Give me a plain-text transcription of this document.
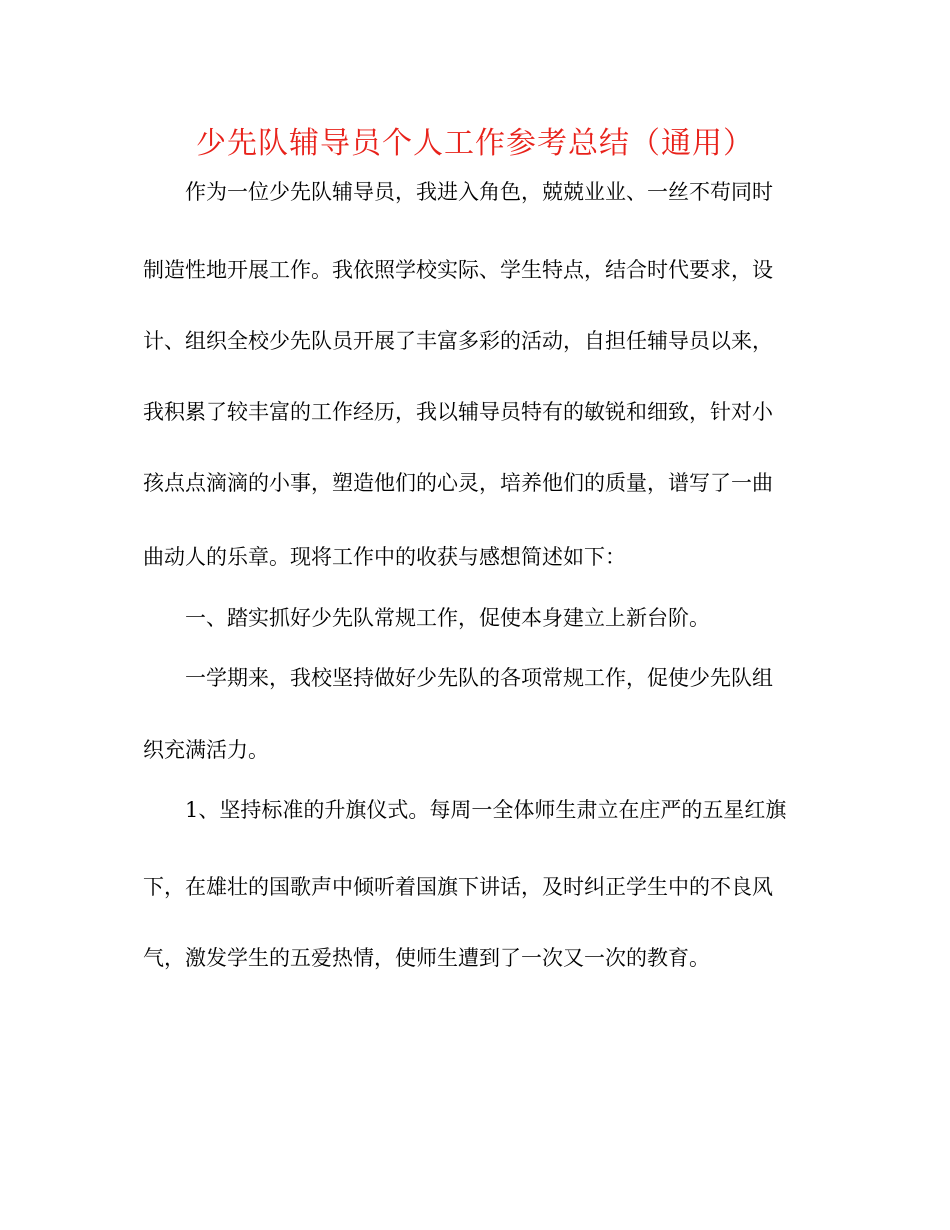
少先队辅导员个人工作参考总结（通用）

作为一位少先队辅导员，我进入角色，兢兢业业、一丝不苟同时

制造性地开展工作。我依照学校实际、学生特点，结合时代要求，设

计、组织全校少先队员开展了丰富多彩的活动，自担任辅导员以来，

我积累了较丰富的工作经历，我以辅导员特有的敏锐和细致，针对小

孩点点滴滴的小事，塑造他们的心灵，培养他们的质量，谱写了一曲

曲动人的乐章。现将工作中的收获与感想简述如下：

一、踏实抓好少先队常规工作，促使本身建立上新台阶。

一学期来，我校坚持做好少先队的各项常规工作，促使少先队组

织充满活力。

1、坚持标准的升旗仪式。每周一全体师生肃立在庄严的五星红旗

下，在雄壮的国歌声中倾听着国旗下讲话，及时纠正学生中的不良风

气，激发学生的五爱热情，使师生遭到了一次又一次的教育。
